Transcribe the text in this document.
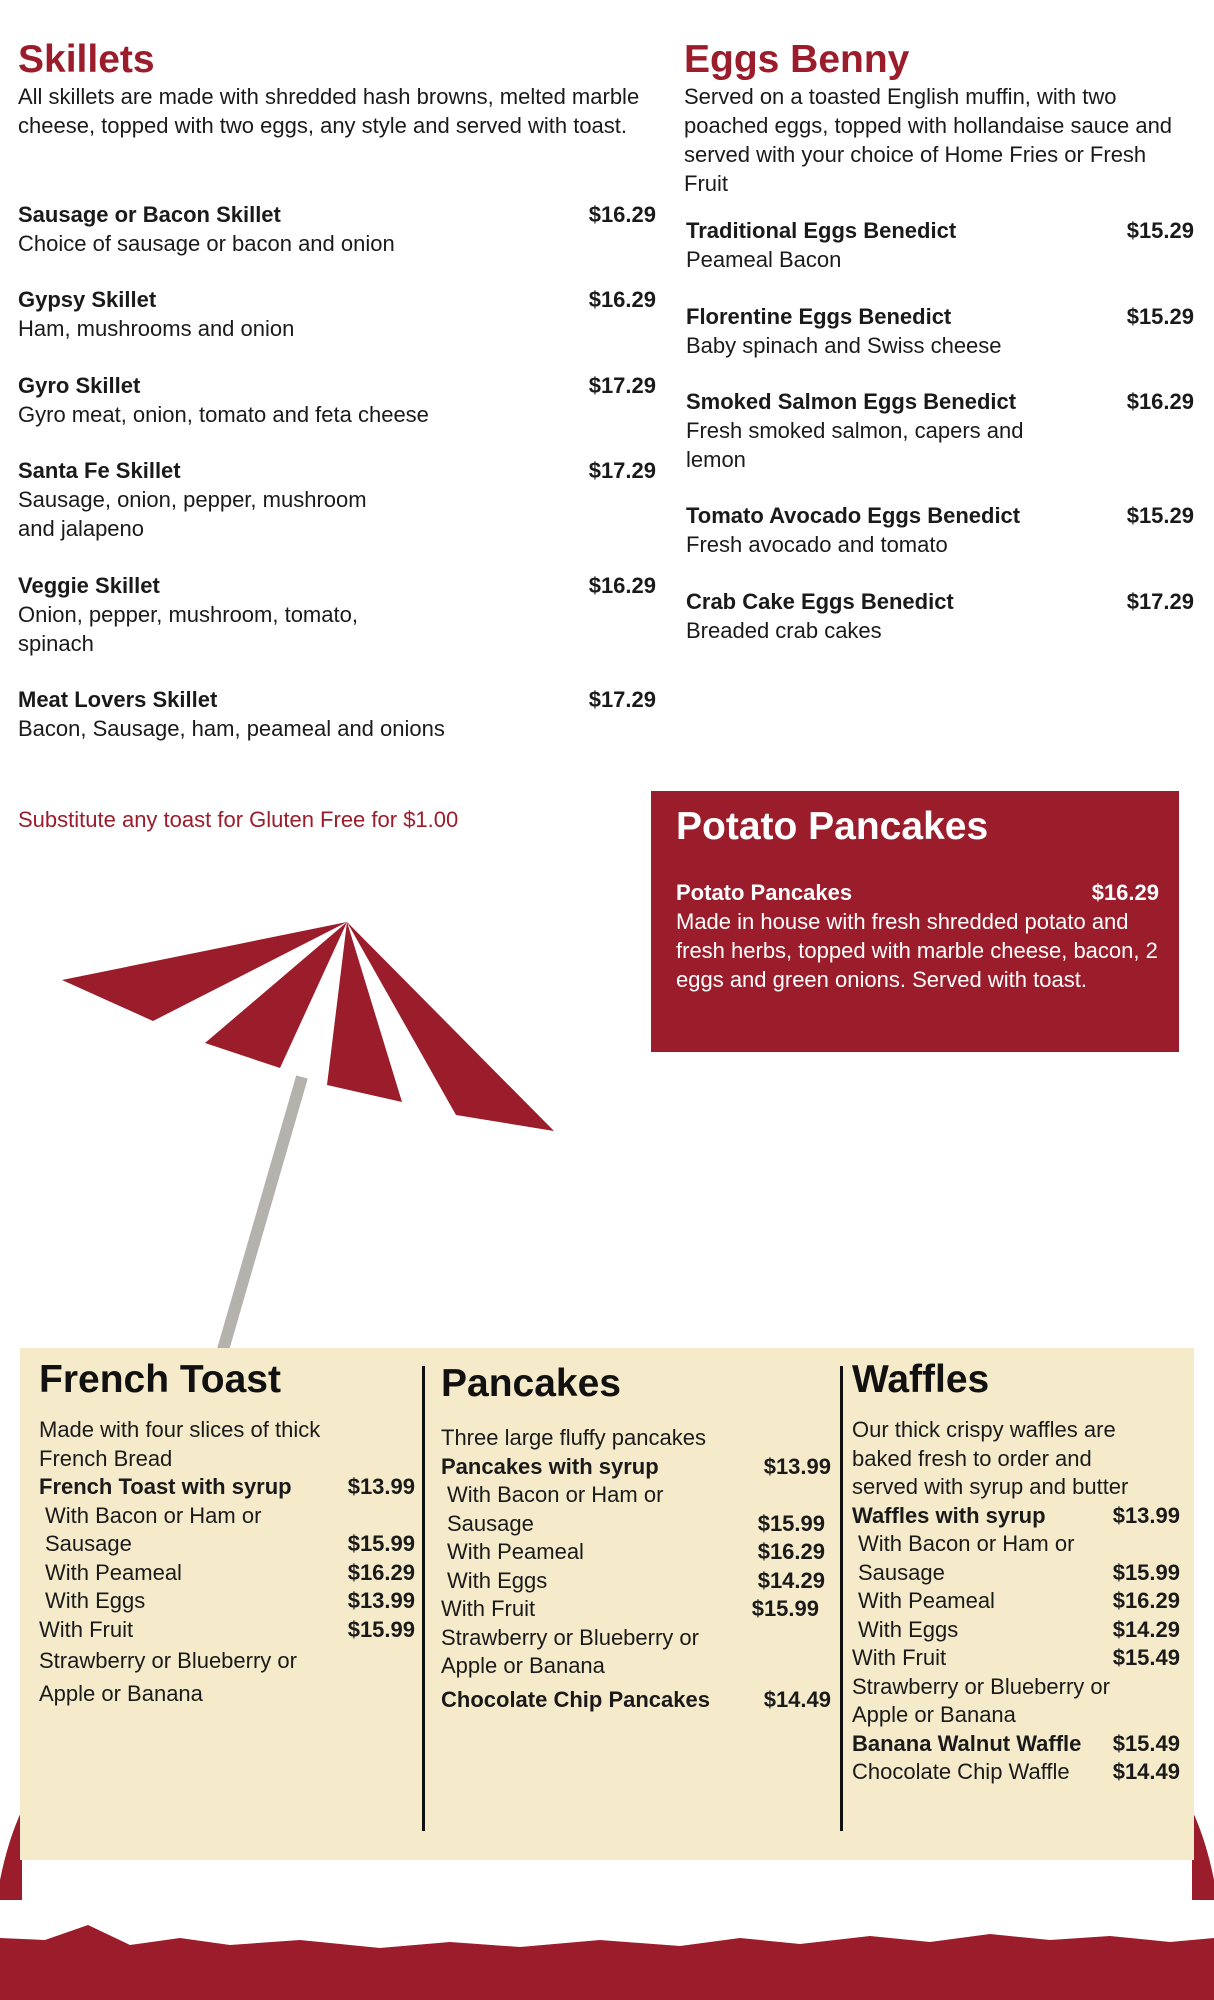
Skillets
All skillets are made with shredded hash browns, melted marble cheese, topped with two eggs, any style and served with toast.
Sausage or Bacon Skillet	$16.29
Choice of sausage or bacon and onion
Gypsy Skillet	$16.29
Ham, mushrooms and onion
Gyro Skillet	$17.29
Gyro meat, onion, tomato and feta cheese
Santa Fe Skillet	$17.29
Sausage, onion, pepper, mushroom and jalapeno
Veggie Skillet	$16.29
Onion, pepper, mushroom, tomato, spinach
Meat Lovers Skillet	$17.29
Bacon, Sausage, ham, peameal and onions
Substitute any toast for Gluten Free for $1.00
Eggs Benny
Served on a toasted English muffin, with two poached eggs, topped with hollandaise sauce and served with your choice of Home Fries or Fresh Fruit
Traditional Eggs Benedict	$15.29
Peameal Bacon
Florentine Eggs Benedict	$15.29
Baby spinach and Swiss cheese
Smoked Salmon Eggs Benedict	$16.29
Fresh smoked salmon, capers and lemon
Tomato Avocado Eggs Benedict	$15.29
Fresh avocado and tomato
Crab Cake Eggs Benedict	$17.29
Breaded crab cakes
Potato Pancakes
Potato Pancakes	$16.29
Made in house with fresh shredded potato and fresh herbs, topped with marble cheese, bacon, 2 eggs and green onions. Served with toast.
French Toast
Made with four slices of thick French Bread
French Toast with syrup	$13.99
With Bacon or Ham or Sausage	$15.99
With Peameal	$16.29
With Eggs	$13.99
With Fruit	$15.99
Strawberry or Blueberry or Apple or Banana
Pancakes
Three large fluffy pancakes
Pancakes with syrup	$13.99
With Bacon or Ham or Sausage	$15.99
With Peameal	$16.29
With Eggs	$14.29
With Fruit	$15.99
Strawberry or Blueberry or Apple or Banana
Chocolate Chip Pancakes $14.49
Waffles
Our thick crispy waffles are baked fresh to order and served with syrup and butter
Waffles with syrup	$13.99
With Bacon or Ham or Sausage	$15.99
With Peameal	$16.29
With Eggs	$14.29
With Fruit	$15.49
Strawberry or Blueberry or Apple or Banana
Banana Walnut Waffle $15.49
Chocolate Chip Waffle $14.49
